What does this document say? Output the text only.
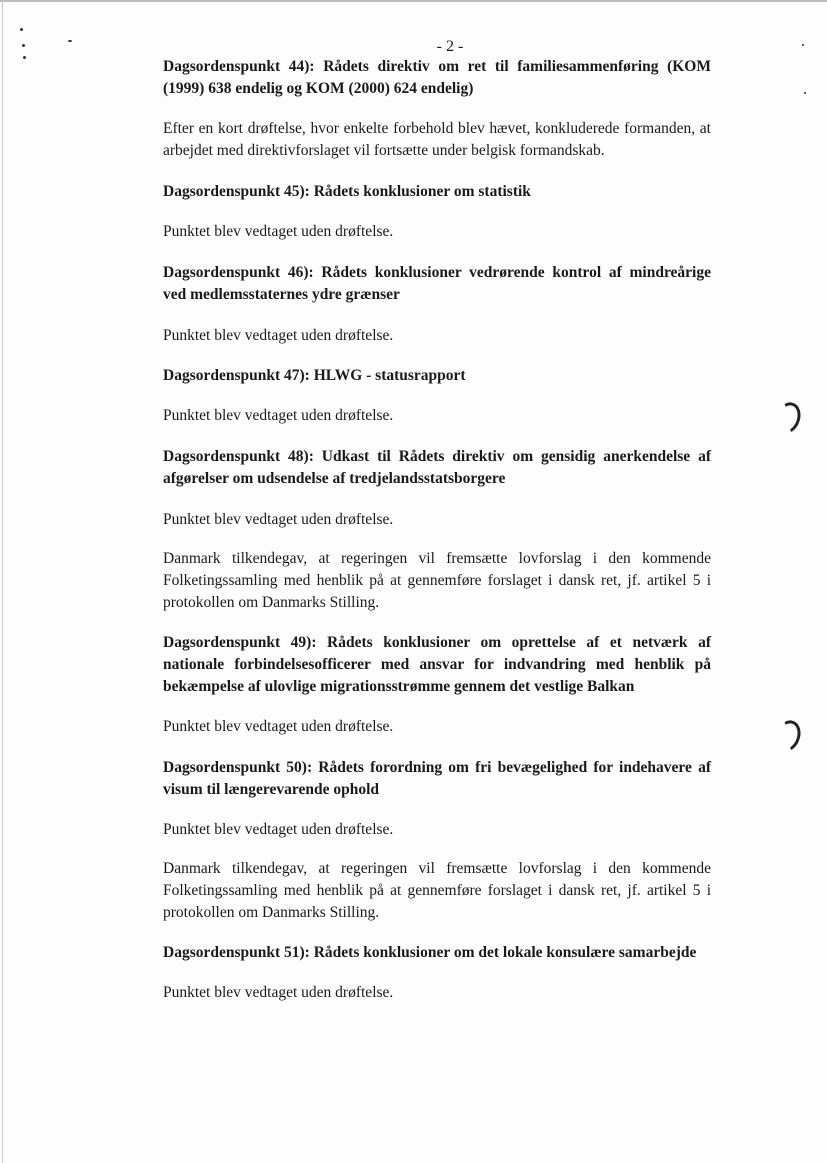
- 2 -

Dagsordenspunkt 44): Rådets direktiv om ret til familiesammenføring (KOM (1999) 638 endelig og KOM (2000) 624 endelig)

Efter en kort drøftelse, hvor enkelte forbehold blev hævet, konkluderede formanden, at arbejdet med direktivforslaget vil fortsætte under belgisk formandskab.

Dagsordenspunkt 45): Rådets konklusioner om statistik

Punktet blev vedtaget uden drøftelse.

Dagsordenspunkt 46): Rådets konklusioner vedrørende kontrol af mindreårige ved medlemsstaternes ydre grænser

Punktet blev vedtaget uden drøftelse.

Dagsordenspunkt 47): HLWG - statusrapport

Punktet blev vedtaget uden drøftelse.

Dagsordenspunkt 48): Udkast til Rådets direktiv om gensidig anerkendelse af afgørelser om udsendelse af tredjelandsstatsborgere

Punktet blev vedtaget uden drøftelse.

Danmark tilkendegav, at regeringen vil fremsætte lovforslag i den kommende Folketingssamling med henblik på at gennemføre forslaget i dansk ret, jf. artikel 5 i protokollen om Danmarks Stilling.

Dagsordenspunkt 49): Rådets konklusioner om oprettelse af et netværk af nationale forbindelsesofficerer med ansvar for indvandring med henblik på bekæmpelse af ulovlige migrationsstrømme gennem det vestlige Balkan

Punktet blev vedtaget uden drøftelse.

Dagsordenspunkt 50): Rådets forordning om fri bevægelighed for indehavere af visum til længerevarende ophold

Punktet blev vedtaget uden drøftelse.

Danmark tilkendegav, at regeringen vil fremsætte lovforslag i den kommende Folketingssamling med henblik på at gennemføre forslaget i dansk ret, jf. artikel 5 i protokollen om Danmarks Stilling.

Dagsordenspunkt 51): Rådets konklusioner om det lokale konsulære samarbejde

Punktet blev vedtaget uden drøftelse.
